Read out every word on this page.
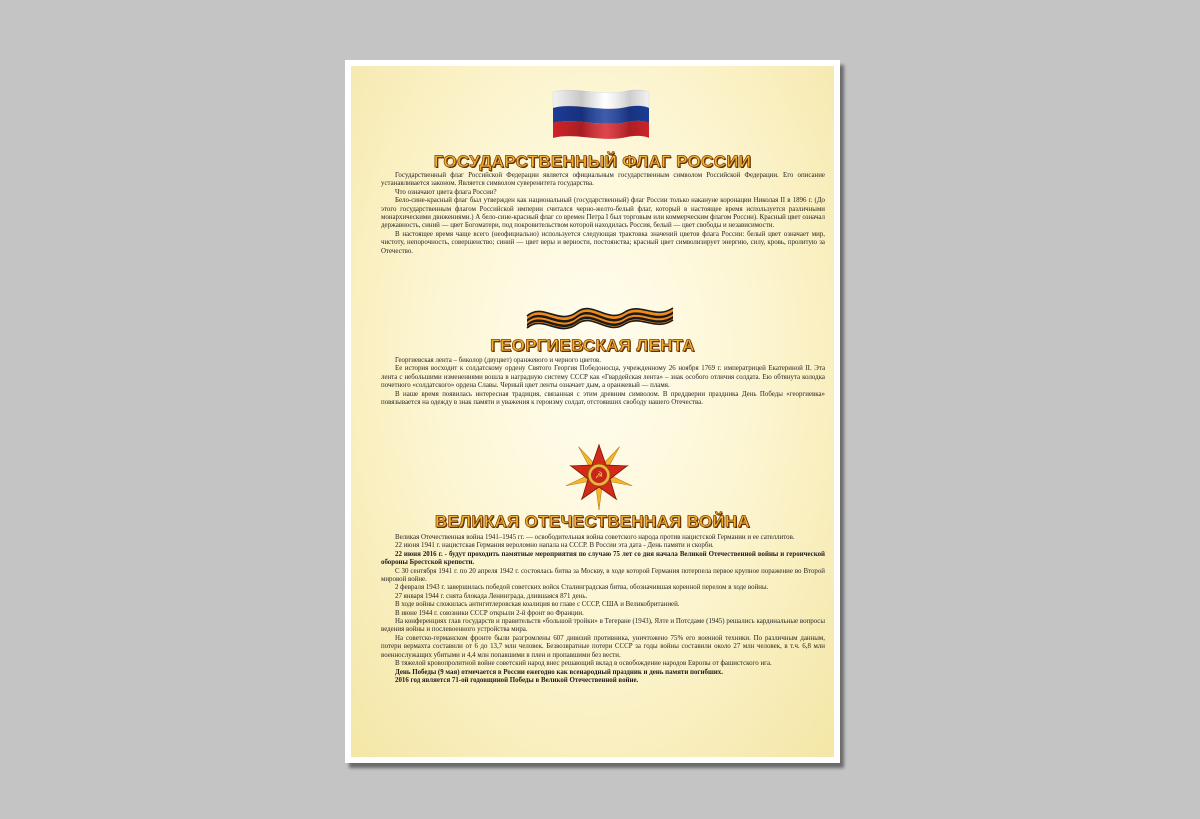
ГОСУДАРСТВЕННЫЙ ФЛАГ РОССИИ

Государственный флаг Российской Федерации является официальным государственным символом Российской Федерации. Его описание устанавливается законом. Является символом суверенитета государства.

Что означают цвета флага России?

Бело-сине-красный флаг был утвержден как национальный (государственный) флаг России только накануне коронации Николая II в 1896 г. (До этого государственным флагом Российской империи считался черно-желто-белый флаг, который в настоящее время используется различными монархическими движениями.) А бело-сине-красный флаг со времен Петра I был торговым или коммерческим флагом России). Красный цвет означал державность, синий — цвет Богоматери, под покровительством которой находилась Россия, белый — цвет свободы и независимости.

В настоящее время чаще всего (неофициально) используется следующая трактовка значений цветов флага России: белый цвет означает мир, чистоту, непорочность, совершенство; синий — цвет веры и верности, постоянства; красный цвет символизирует энергию, силу, кровь, пролитую за Отечество.

ГЕОРГИЕВСКАЯ ЛЕНТА

Георгиевская лента – биколор (двуцвет) оранжевого и черного цветов.

Ее история восходит к солдатскому ордену Святого Георгия Победоносца, учрежденному 26 ноября 1769 г. императрицей Екатериной II. Эта лента с небольшими изменениями вошла в наградную систему СССР как «Гвардейская лента» – знак особого отличия солдата. Ею обтянута колодка почетного «солдатского» ордена Славы. Черный цвет ленты означает дым, а оранжевый — пламя.

В наше время появилась интересная традиция, связанная с этим древним символом. В преддверии праздника День Победы «георгиевка» повязывается на одежду в знак памяти и уважения к героизму солдат, отстоявших свободу нашего Отечества.

☭
ВЕЛИКАЯ ОТЕЧЕСТВЕННАЯ ВОЙНА

Великая Отечественная война 1941–1945 гг. — освободительная война советского народа против нацистской Германии и ее сателлитов.

22 июня 1941 г. нацистская Германия вероломно напала на СССР. В России эта дата - День памяти и скорби.

22 июня 2016 г. - будут проходить памятные мероприятия по случаю 75 лет со дня начала Великой Отечественной войны и героической обороны Брестской крепости.

С 30 сентября 1941 г. по 20 апреля 1942 г. состоялась битва за Москву, в ходе которой Германия потерпела первое крупное поражение во Второй мировой войне.

2 февраля 1943 г. завершилась победой советских войск Сталинградская битва, обозначившая коренной перелом в ходе войны.

27 января 1944 г. снята блокада Ленинграда, длившаяся 871 день.

В ходе войны сложилась антигитлеровская коалиция во главе с СССР, США и Великобританией.

В июне 1944 г. союзники СССР открыли 2-й фронт во Франции.

На конференциях глав государств и правительств «большой тройки» в Тегеране (1943), Ялте и Потсдаме (1945) решались кардинальные вопросы ведения войны и послевоенного устройства мира.

На советско-германском фронте были разгромлены 607 дивизий противника, уничтожено 75% его военной техники. По различным данным, потери вермахта составили от 6 до 13,7 млн человек. Безвозвратные потери СССР за годы войны составили около 27 млн человек, в т.ч. 6,8 млн военнослужащих убитыми и 4,4 млн попавшими в плен и пропавшими без вести.

В тяжелой кровопролитной войне советский народ внес решающий вклад в освобождение народов Европы от фашистского ига.

День Победы (9 мая) отмечается в России ежегодно как всенародный праздник и день памяти погибших.

2016 год является 71-ой годовщиной Победы в Великой Отечественной войне.
